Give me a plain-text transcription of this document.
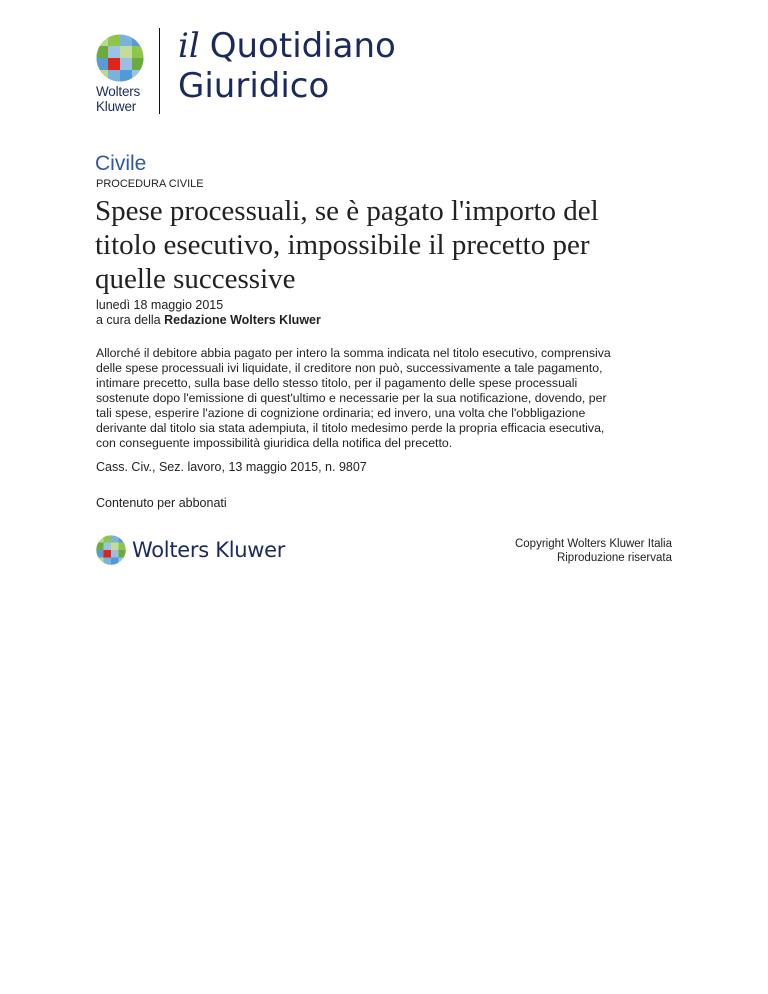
Wolters
Kluwer
il Quotidiano
Giuridico
Civile
PROCEDURA CIVILE
Spese processuali, se è pagato l'importo del
titolo esecutivo, impossibile il precetto per
quelle successive
lunedì 18 maggio 2015
a cura della Redazione Wolters Kluwer

Allorché il debitore abbia pagato per intero la somma indicata nel titolo esecutivo, comprensiva
delle spese processuali ivi liquidate, il creditore non può, successivamente a tale pagamento,
intimare precetto, sulla base dello stesso titolo, per il pagamento delle spese processuali
sostenute dopo l'emissione di quest'ultimo e necessarie per la sua notificazione, dovendo, per
tali spese, esperire l'azione di cognizione ordinaria; ed invero, una volta che l'obbligazione
derivante dal titolo sia stata adempiuta, il titolo medesimo perde la propria efficacia esecutiva,
con conseguente impossibilità giuridica della notifica del precetto.

Cass. Civ., Sez. lavoro, 13 maggio 2015, n. 9807
Contenuto per abbonati
Wolters Kluwer	Copyright Wolters Kluwer Italia
Riproduzione riservata
